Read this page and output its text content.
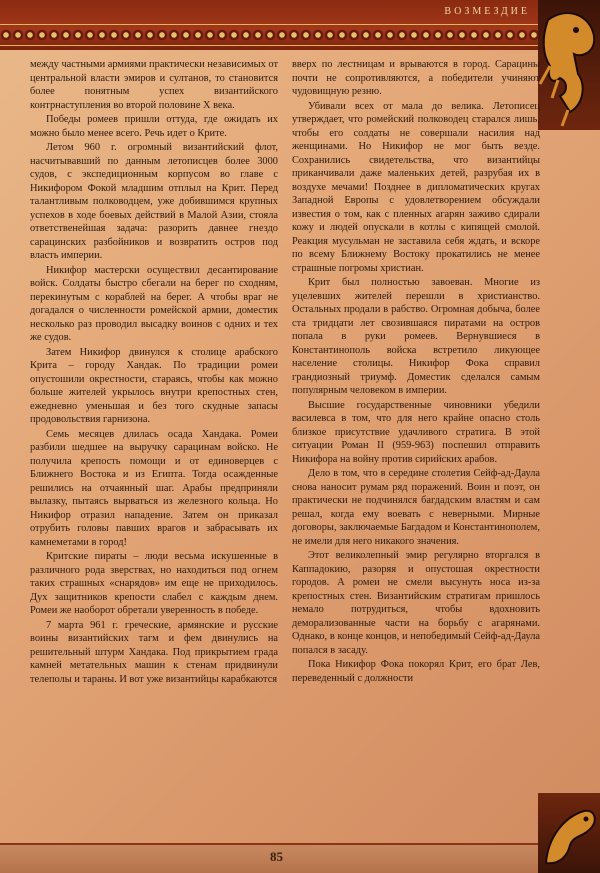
ВОЗМЕЗДИЕ

между частными армиями практически независимых от центральной власти эмиров и султанов, то становится более понятным успех византийского контрнаступления во второй половине X века.

Победы ромеев пришли оттуда, где ожидать их можно было менее всего. Речь идет о Крите.

Летом 960 г. огромный византийский флот, насчитывавший по данным летописцев более 3000 судов, с экспедиционным корпусом во главе с Никифором Фокой младшим отплыл на Крит. Перед талантливым полководцем, уже добившимся крупных успехов в ходе боевых действий в Малой Азии, стояла ответственейшая задача: разорить давнее гнездо сарацинских разбойников и возвратить остров под власть империи.

Никифор мастерски осуществил десантирование войск. Солдаты быстро сбегали на берег по сходням, перекинутым с кораблей на берег. А чтобы враг не догадался о численности ромейской армии, доместик несколько раз проводил высадку воинов с одних и тех же судов.

Затем Никифор двинулся к столице арабского Крита – городу Хандак. По традиции ромеи опустошили окрестности, стараясь, чтобы как можно больше жителей укрылось внутри крепостных стен, ежедневно уменьшая и без того скудные запасы продовольствия гарнизона.

Семь месяцев длилась осада Хандака. Ромеи разбили шедшее на выручку сарацинам войско. Не получила крепость помощи и от единоверцев с Ближнего Востока и из Египта. Тогда осажденные решились на отчаянный шаг. Арабы предприняли вылазку, пытаясь вырваться из железного кольца. Но Никифор отразил нападение. Затем он приказал отрубить головы павших врагов и забрасывать их камнеметами в город!

Критские пираты – люди весьма искушенные в различного рода зверствах, но находиться под огнем таких страшных «снарядов» им еще не приходилось. Дух защитников крепости слабел с каждым днем. Ромеи же наоборот обретали уверенность в победе.

7 марта 961 г. греческие, армянские и русские воины византийских тагм и фем двинулись на решительный штурм Хандака. Под прикрытием града камней метательных машин к стенам придвинули телеполы и тараны. И вот уже византийцы карабкаются

вверх по лестницам и врываются в город. Сарацины почти не сопротивляются, а победители учиняют чудовищную резню.

Убивали всех от мала до велика. Летописец утверждает, что ромейский полководец старался лишь, чтобы его солдаты не совершали насилия над женщинами. Но Никифор не мог быть везде. Сохранились свидетельства, что византийцы приканчивали даже маленьких детей, разрубая их в воздухе мечами! Позднее в дипломатических кругах Западной Европы с удовлетворением обсуждали известия о том, как с пленных агарян заживо сдирали кожу и людей опускали в котлы с кипящей смолой. Реакция мусульман не заставила себя ждать, и вскоре по всему Ближнему Востоку прокатились не менее страшные погромы христиан.

Крит был полностью завоеван. Многие из уцелевших жителей перешли в христианство. Остальных продали в рабство. Огромная добыча, более ста тридцати лет свозившаяся пиратами на остров попала в руки ромеев. Вернувшиеся в Константинополь войска встретило ликующее население столицы. Никифор Фока справил грандиозный триумф. Доместик сделался самым популярным человеком в империи.

Высшие государственные чиновники убедили василевса в том, что для него крайне опасно столь близкое присутствие удачливого стратига. В этой ситуации Роман II (959-963) поспешил отправить Никифора на войну против сирийских арабов.

Дело в том, что в середине столетия Сейф-ад-Даула снова наносит румам ряд поражений. Воин и поэт, он практически не подчинялся багдадским властям и сам решал, когда ему воевать с неверными. Мирные договоры, заключаемые Багдадом и Константинополем, не имели для него никакого значения.

Этот великолепный эмир регулярно вторгался в Каппадокию, разоряя и опустошая окрестности городов. А ромеи не смели высунуть носа из-за крепостных стен. Византийским стратигам пришлось немало потрудиться, чтобы вдохновить деморализованные части на борьбу с агарянами. Однако, в конце концов, и непобедимый Сейф-ад-Даула попался в засаду.

Пока Никифор Фока покорял Крит, его брат Лев, переведенный с должности

85
